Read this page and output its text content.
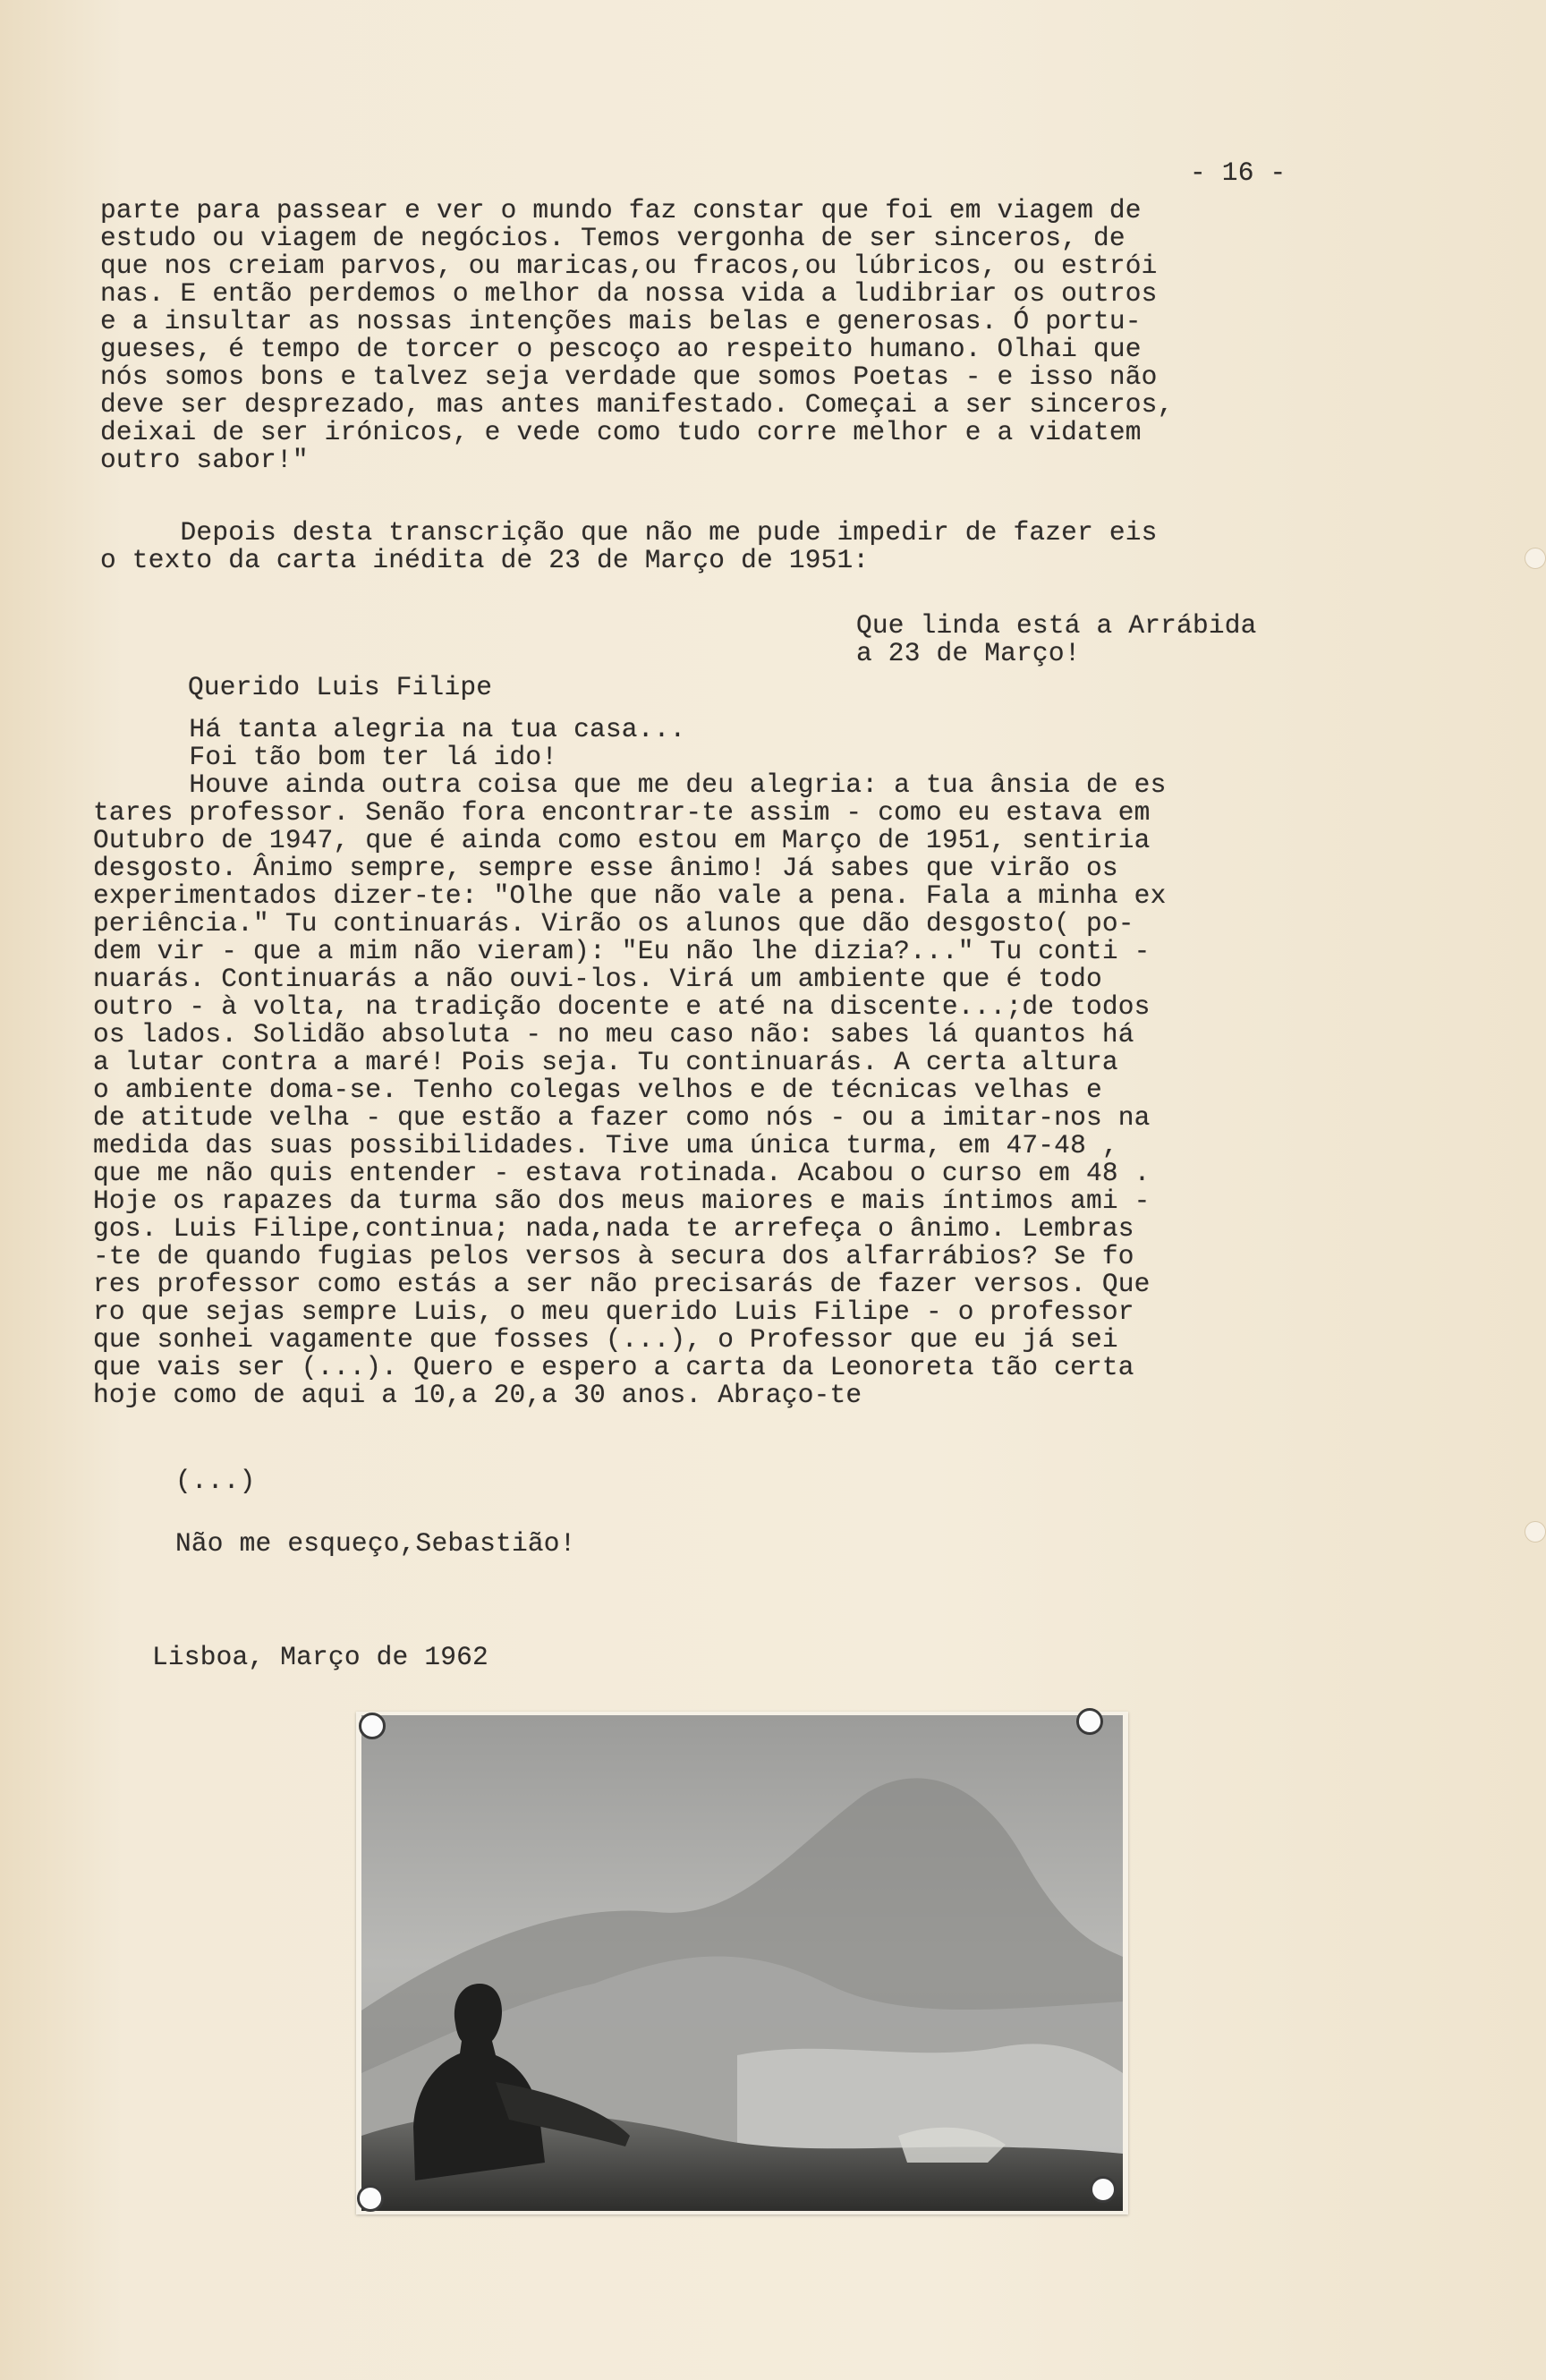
- 16 -
parte para passear e ver o mundo faz constar que foi em viagem de
estudo ou viagem de negócios. Temos vergonha de ser sinceros, de
que nos creiam parvos, ou maricas,ou fracos,ou lúbricos, ou estrói
nas. E então perdemos o melhor da nossa vida a ludibriar os outros
e a insultar as nossas intenções mais belas e generosas. Ó portu-
gueses, é tempo de torcer o pescoço ao respeito humano. Olhai que
nós somos bons e talvez seja verdade que somos Poetas - e isso não
deve ser desprezado, mas antes manifestado. Começai a ser sinceros,
deixai de ser irónicos, e vede como tudo corre melhor e a vidatem
outro sabor!"
Depois desta transcrição que não me pude impedir de fazer eis
o texto da carta inédita de 23 de Março de 1951:
Que linda está a Arrábida
a 23 de Março!
Querido Luis Filipe
Há tanta alegria na tua casa...
Foi tão bom ter lá ido!
Houve ainda outra coisa que me deu alegria: a tua ânsia de es
tares professor. Senão fora encontrar-te assim - como eu estava em
Outubro de 1947, que é ainda como estou em Março de 1951, sentiria
desgosto. Ânimo sempre, sempre esse ânimo! Já sabes que virão os
experimentados dizer-te: "Olhe que não vale a pena. Fala a minha ex
periência." Tu continuarás. Virão os alunos que dão desgosto( po-
dem vir - que a mim não vieram): "Eu não lhe dizia?..." Tu conti -
nuarás. Continuarás a não ouvi-los. Virá um ambiente que é todo
outro - à volta, na tradição docente e até na discente...;de todos
os lados. Solidão absoluta - no meu caso não: sabes lá quantos há
a lutar contra a maré! Pois seja. Tu continuarás. A certa altura
o ambiente doma-se. Tenho colegas velhos e de técnicas velhas e
de atitude velha - que estão a fazer como nós - ou a imitar-nos na
medida das suas possibilidades. Tive uma única turma, em 47-48 ,
que me não quis entender - estava rotinada. Acabou o curso em 48 .
Hoje os rapazes da turma são dos meus maiores e mais íntimos ami -
gos. Luis Filipe,continua; nada,nada te arrefeça o ânimo. Lembras
-te de quando fugias pelos versos à secura dos alfarrábios? Se fo
res professor como estás a ser não precisarás de fazer versos. Que
ro que sejas sempre Luis, o meu querido Luis Filipe - o professor
que sonhei vagamente que fosses (...), o Professor que eu já sei
que vais ser (...). Quero e espero a carta da Leonoreta tão certa
hoje como de aqui a 10,a 20,a 30 anos. Abraço-te
(...)
Não me esqueço,Sebastião!
Lisboa, Março de 1962
